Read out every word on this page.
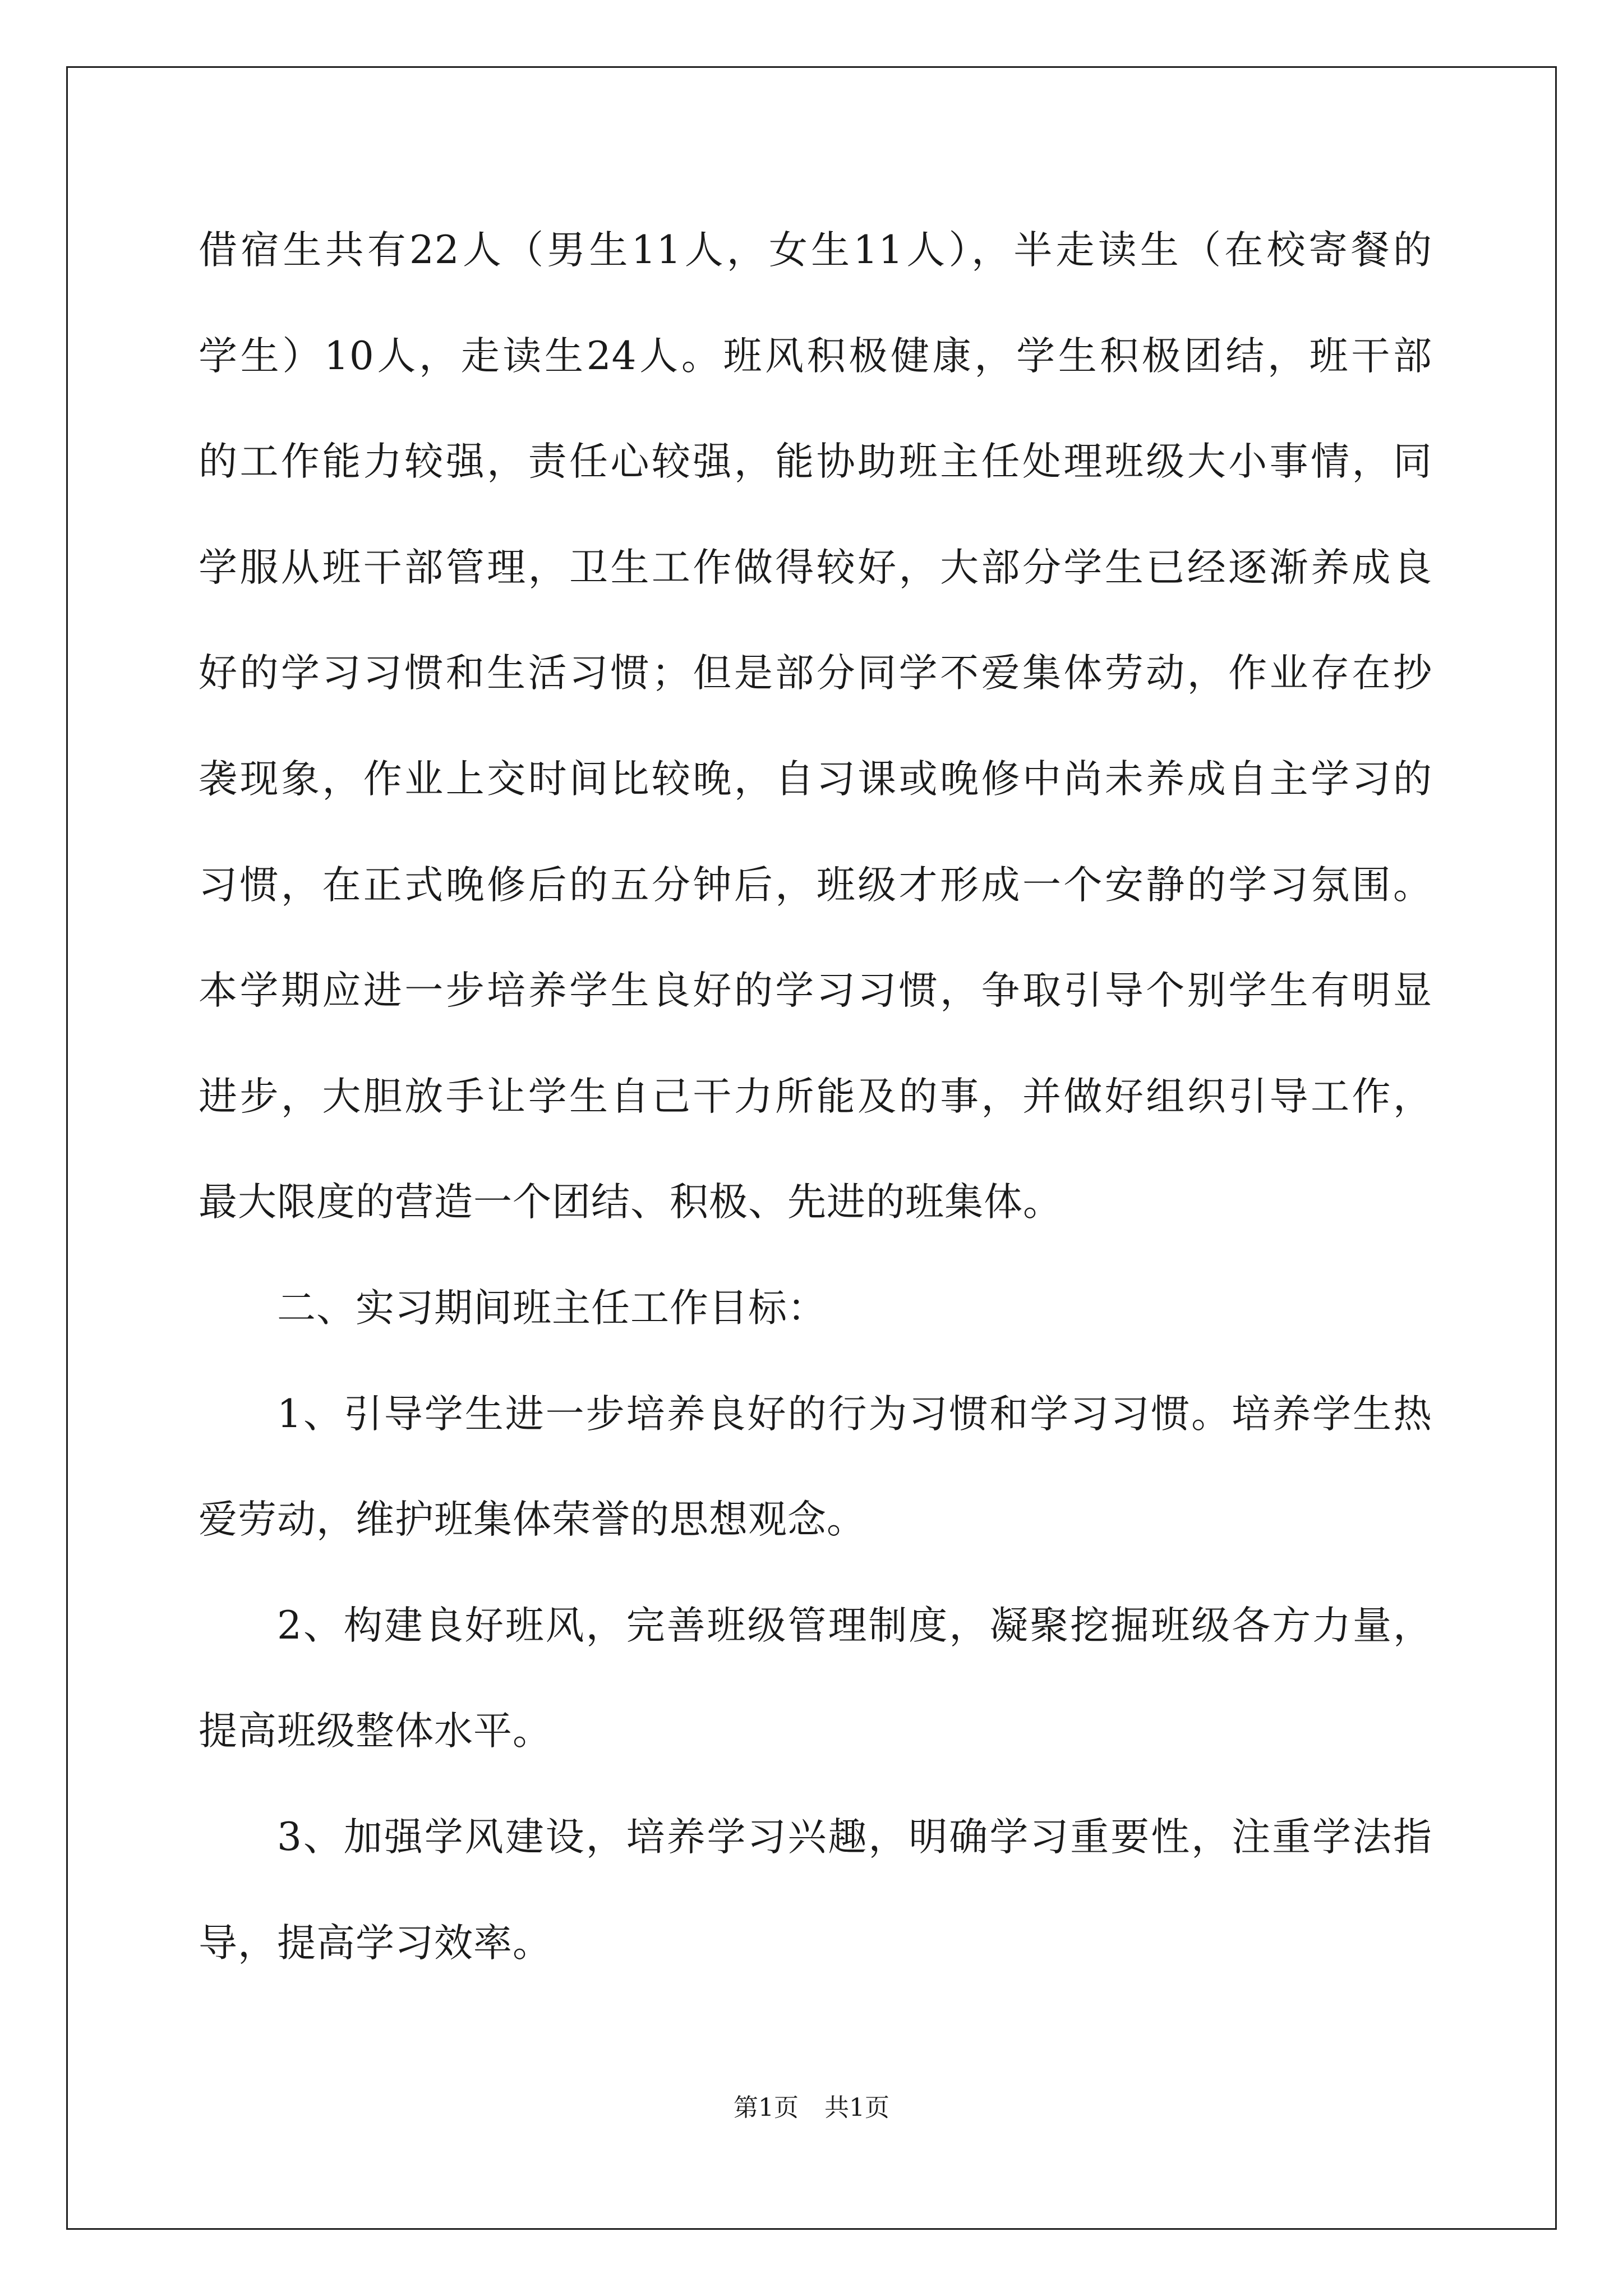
借宿生共有22人（男生11人，女生11人），半走读生（在校寄餐的
学生）10人，走读生24人。班风积极健康，学生积极团结，班干部
的工作能力较强，责任心较强，能协助班主任处理班级大小事情，同
学服从班干部管理，卫生工作做得较好，大部分学生已经逐渐养成良
好的学习习惯和生活习惯；但是部分同学不爱集体劳动，作业存在抄
袭现象，作业上交时间比较晚，自习课或晚修中尚未养成自主学习的
习惯，在正式晚修后的五分钟后，班级才形成一个安静的学习氛围。
本学期应进一步培养学生良好的学习习惯，争取引导个别学生有明显
进步，大胆放手让学生自己干力所能及的事，并做好组织引导工作，
最大限度的营造一个团结、积极、先进的班集体。
二、实习期间班主任工作目标：
1、引导学生进一步培养良好的行为习惯和学习习惯。培养学生热
爱劳动，维护班集体荣誉的思想观念。
2、构建良好班风，完善班级管理制度，凝聚挖掘班级各方力量，
提高班级整体水平。
3、加强学风建设，培养学习兴趣，明确学习重要性，注重学法指
导，提高学习效率。
第1页 共1页
